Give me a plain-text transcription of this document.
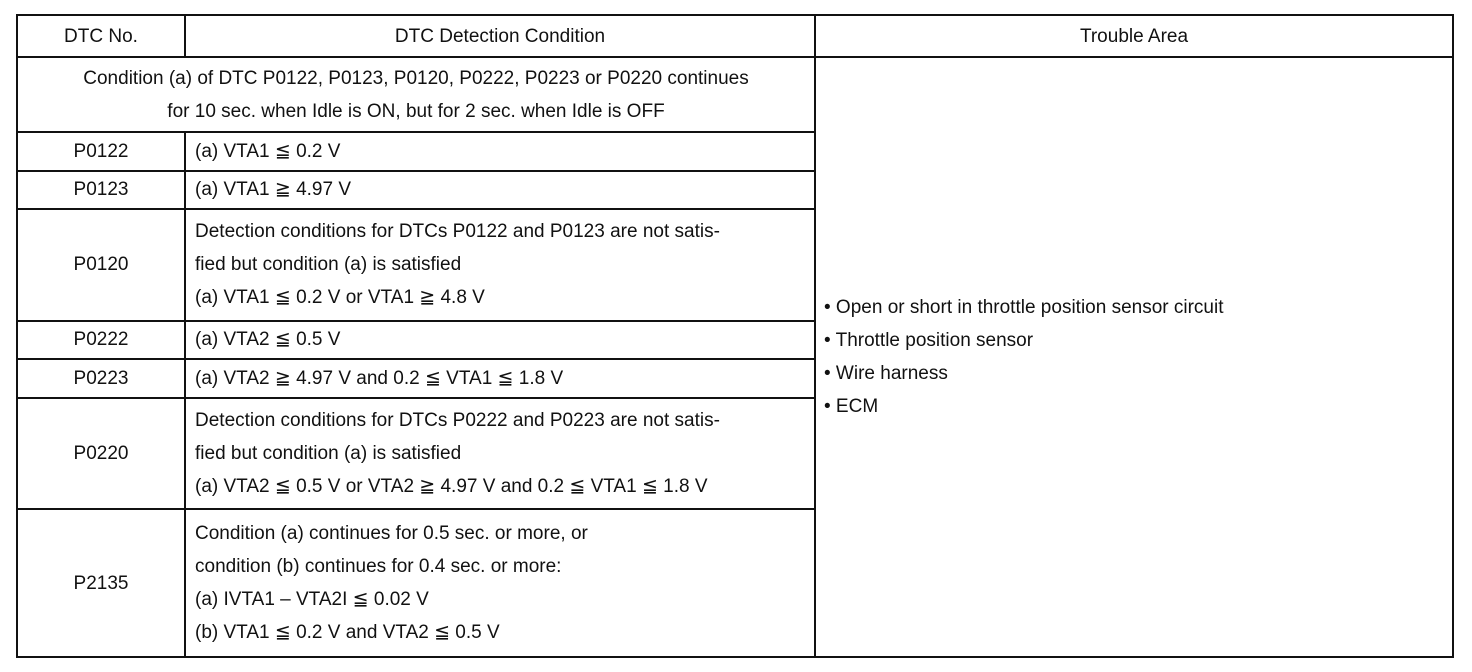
DTC No.	DTC Detection Condition	Trouble Area

Condition (a) of DTC P0122, P0123, P0120, P0222, P0223 or P0220 continues
for 10 sec. when Idle is ON, but for 2 sec. when Idle is OFF		• Open or short in throttle position sensor circuit
• Throttle position sensor
• Wire harness
• ECM

P0122	(a) VTA1 ≦ 0.2 V	

P0123	(a) VTA1 ≧ 4.97 V	

P0120	Detection conditions for DTCs P0122 and P0123 are not satis-
fied but condition (a) is satisfied
(a) VTA1 ≦ 0.2 V or VTA1 ≧ 4.8 V	

P0222	(a) VTA2 ≦ 0.5 V	

P0223	(a) VTA2 ≧ 4.97 V and 0.2 ≦ VTA1 ≦ 1.8 V	

P0220	Detection conditions for DTCs P0222 and P0223 are not satis-
fied but condition (a) is satisfied
(a) VTA2 ≦ 0.5 V or VTA2 ≧ 4.97 V and 0.2 ≦ VTA1 ≦ 1.8 V	

P2135	Condition (a) continues for 0.5 sec. or more, or
condition (b) continues for 0.4 sec. or more:
(a) IVTA1 – VTA2I ≦ 0.02 V
(b) VTA1 ≦ 0.2 V and VTA2 ≦ 0.5 V	
